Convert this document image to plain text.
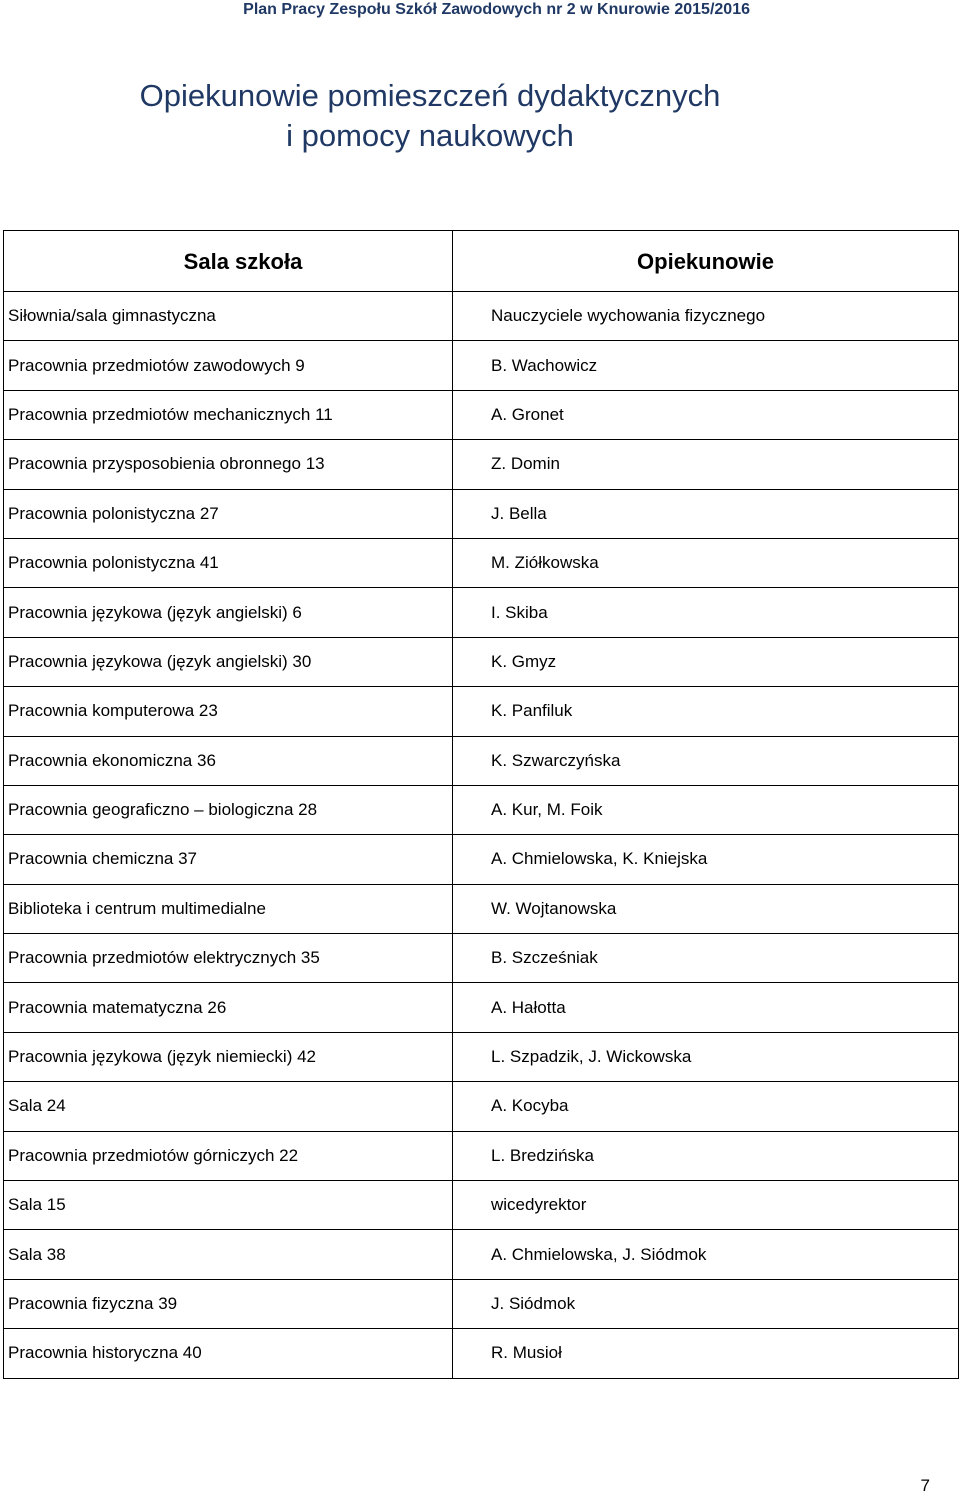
Plan Pracy Zespołu Szkół Zawodowych nr 2 w Knurowie 2015/2016
Opiekunowie pomieszczeń dydaktycznych
i pomocy naukowych
Sala szkoła	Opiekunowie
Siłownia/sala gimnastyczna	Nauczyciele wychowania fizycznego
Pracownia przedmiotów zawodowych 9	B. Wachowicz
Pracownia przedmiotów mechanicznych 11	A. Gronet
Pracownia przysposobienia obronnego 13	Z. Domin
Pracownia polonistyczna 27	J. Bella
Pracownia polonistyczna 41	M. Ziółkowska
Pracownia językowa (język angielski) 6	I. Skiba
Pracownia językowa (język angielski) 30	K. Gmyz
Pracownia komputerowa 23	K. Panfiluk
Pracownia ekonomiczna 36	K. Szwarczyńska
Pracownia geograficzno – biologiczna 28	A. Kur, M. Foik
Pracownia chemiczna 37	A. Chmielowska, K. Kniejska
Biblioteka i centrum multimedialne	W. Wojtanowska
Pracownia przedmiotów elektrycznych 35	B. Szcześniak
Pracownia matematyczna 26	A. Hałotta
Pracownia językowa (język niemiecki) 42	L. Szpadzik, J. Wickowska
Sala 24	A. Kocyba
Pracownia przedmiotów górniczych 22	L. Bredzińska
Sala 15	wicedyrektor
Sala 38	A. Chmielowska, J. Siódmok
Pracownia fizyczna 39	J. Siódmok
Pracownia historyczna 40	R. Musioł
7
